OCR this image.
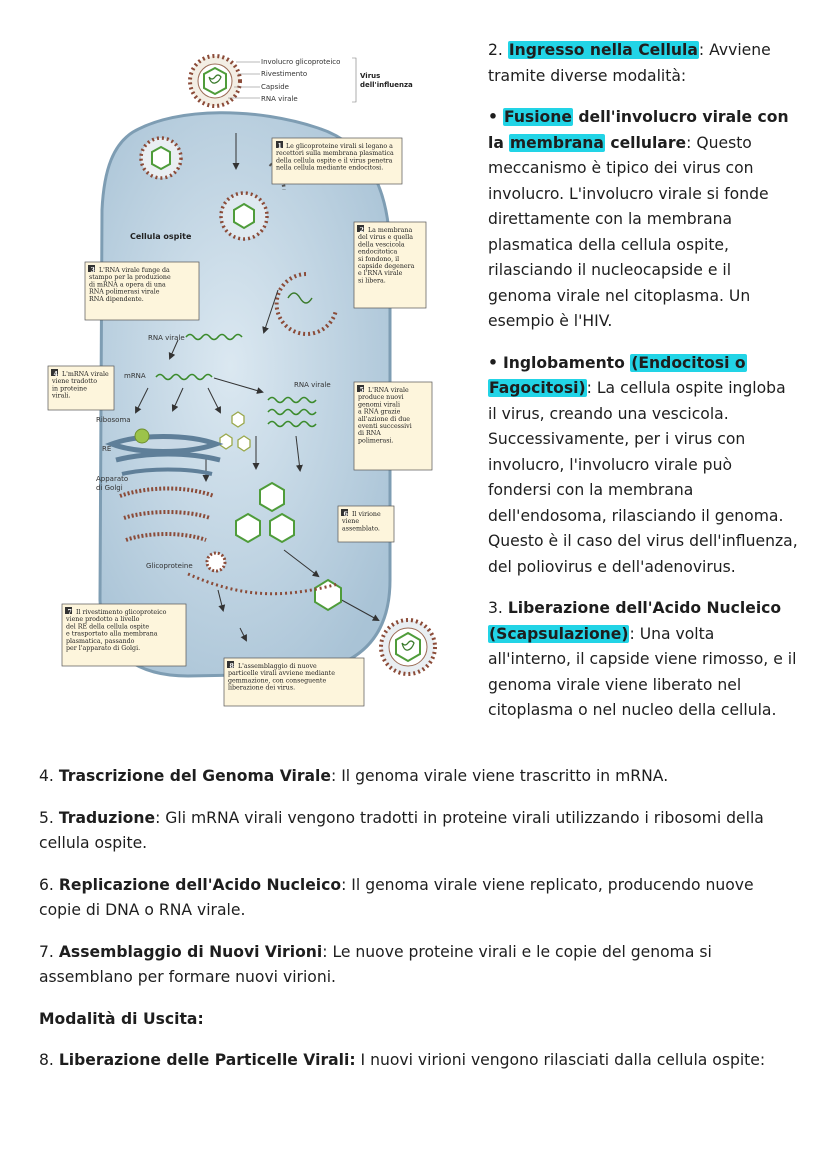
Involucro glicoproteico
Rivestimento
Capside
RNA virale
Virus
dell'influenza
Cellula ospite
RNA virale
mRNA
RNA virale
Ribosoma
RE
Apparato
di Golgi
Glicoproteine
1 Le glicoproteine virali si legano a recettori sulla membrana plasmatica della cellula ospite e il virus penetra nella cellula mediante endocitosi.
2 La membrana del virus e quella della vescicola endocitotica si fondono, il capside degenera e l'RNA virale si libera.
3 L'RNA virale funge da stampo per la produzione di mRNA a opera di una RNA polimerasi virale RNA dipendente.
4 L'mRNA virale viene tradotto in proteine virali.
5 L'RNA virale produce nuovi genomi virali a RNA grazie all'azione di due eventi successivi di RNA polimerasi.
6 Il virione viene assemblato.
7 Il rivestimento glicoproteico viene prodotto a livello del RE della cellula ospite e trasportato alla membrana plasmatica, passando per l'apparato di Golgi.
8 L'assemblaggio di nuove particelle virali avviene mediante gemmazione, con conseguente liberazione dei virus.

2. Ingresso nella Cellula: Avviene tramite diverse modalità:

• Fusione dell'involucro virale con la membrana cellulare: Questo meccanismo è tipico dei virus con involucro. L'involucro virale si fonde direttamente con la membrana plasmatica della cellula ospite, rilasciando il nucleocapside e il genoma virale nel citoplasma. Un esempio è l'HIV.

• Inglobamento (Endocitosi o Fagocitosi): La cellula ospite ingloba il virus, creando una vescicola. Successivamente, per i virus con involucro, l'involucro virale può fondersi con la membrana dell'endosoma, rilasciando il genoma. Questo è il caso del virus dell'influenza, del poliovirus e dell'adenovirus.

3. Liberazione dell'Acido Nucleico (Scapsulazione): Una volta all'interno, il capside viene rimosso, e il genoma virale viene liberato nel citoplasma o nel nucleo della cellula.

4. Trascrizione del Genoma Virale: Il genoma virale viene trascritto in mRNA.

5. Traduzione: Gli mRNA virali vengono tradotti in proteine virali utilizzando i ribosomi della cellula ospite.

6. Replicazione dell'Acido Nucleico: Il genoma virale viene replicato, producendo nuove copie di DNA o RNA virale.

7. Assemblaggio di Nuovi Virioni: Le nuove proteine virali e le copie del genoma si assemblano per formare nuovi virioni.

Modalità di Uscita:

8. Liberazione delle Particelle Virali: I nuovi virioni vengono rilasciati dalla cellula ospite:
